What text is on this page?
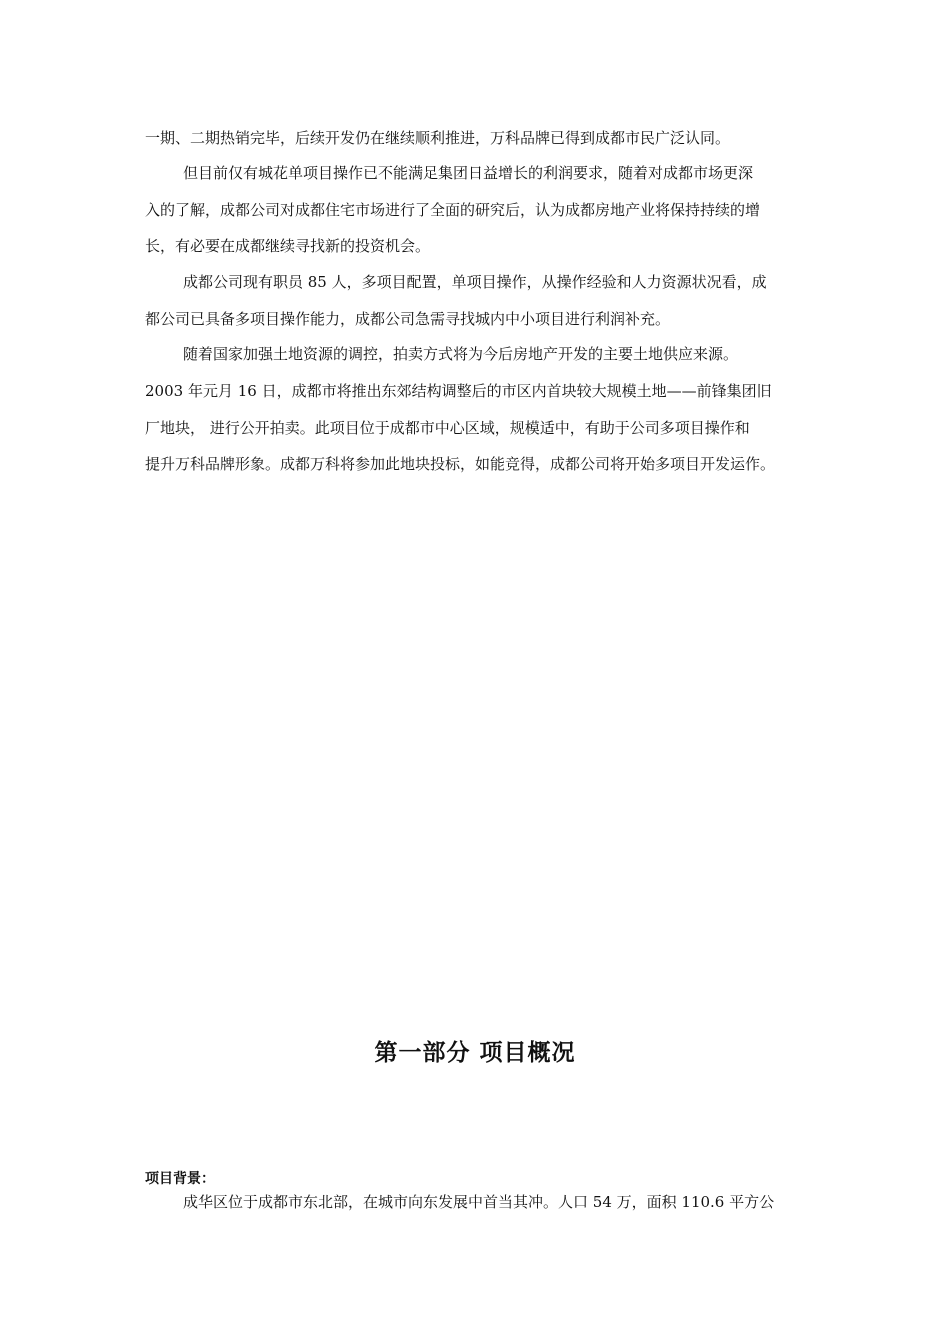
一期、二期热销完毕，后续开发仍在继续顺利推进，万科品牌已得到成都市民广泛认同。
但目前仅有城花单项目操作已不能满足集团日益增长的利润要求，随着对成都市场更深
入的了解，成都公司对成都住宅市场进行了全面的研究后，认为成都房地产业将保持持续的增
长，有必要在成都继续寻找新的投资机会。
成都公司现有职员 85 人，多项目配置，单项目操作，从操作经验和人力资源状况看，成
都公司已具备多项目操作能力，成都公司急需寻找城内中小项目进行利润补充。
随着国家加强土地资源的调控，拍卖方式将为今后房地产开发的主要土地供应来源。
2003 年元月 16 日，成都市将推出东郊结构调整后的市区内首块较大规模土地——前锋集团旧
厂地块， 进行公开拍卖。此项目位于成都市中心区域，规模适中，有助于公司多项目操作和
提升万科品牌形象。成都万科将参加此地块投标，如能竞得，成都公司将开始多项目开发运作。
第一部分 项目概况
项目背景：
成华区位于成都市东北部，在城市向东发展中首当其冲。人口 54 万，面积 110.6 平方公
